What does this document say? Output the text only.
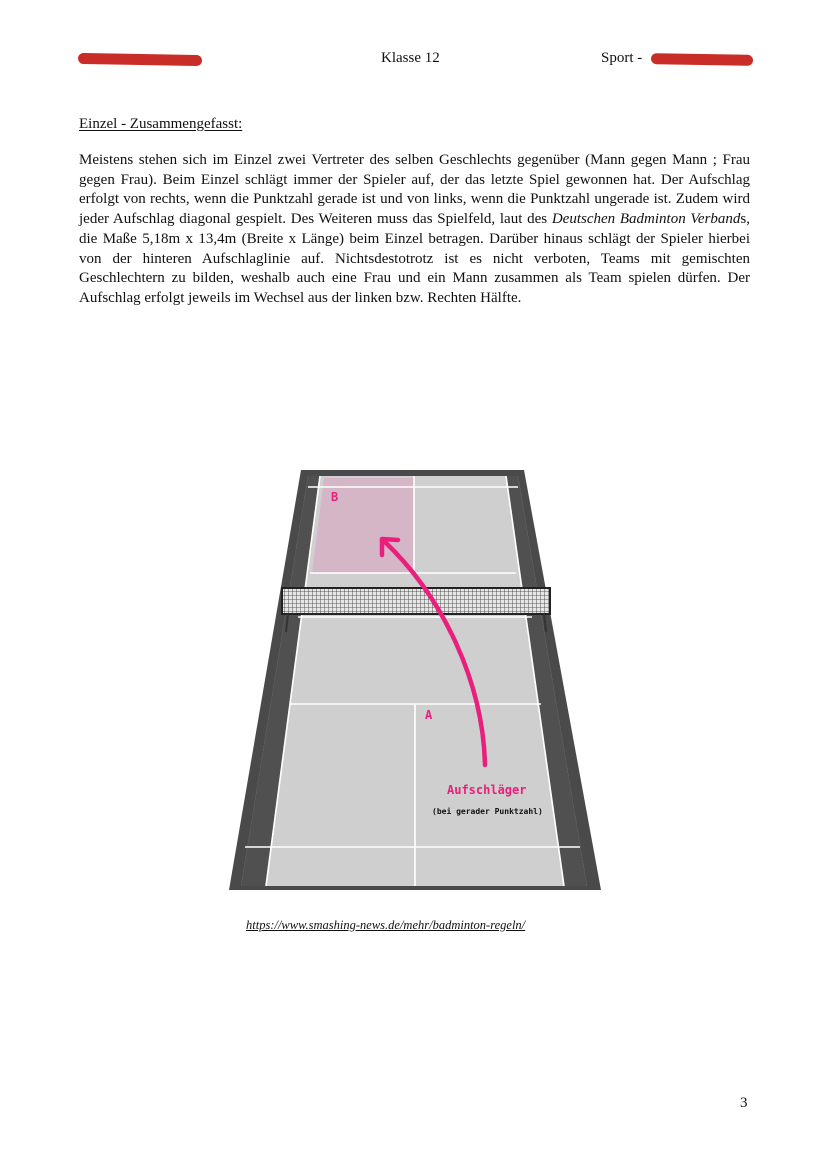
Klasse 12	Sport -
Einzel - Zusammengefasst:

Meistens stehen sich im Einzel zwei Vertreter des selben Geschlechts gegenüber (Mann gegen Mann ; Frau gegen Frau). Beim Einzel schlägt immer der Spieler auf, der das letzte Spiel gewonnen hat. Der Aufschlag erfolgt von rechts, wenn die Punktzahl gerade ist und von links, wenn die Punktzahl ungerade ist. Zudem wird jeder Aufschlag diagonal gespielt. Des Weiteren muss das Spielfeld, laut des Deutschen Badminton Verbands, die Maße 5,18m x 13,4m (Breite x Länge) beim Einzel betragen. Darüber hinaus schlägt der Spieler hierbei von der hinteren Aufschlaglinie auf. Nichtsdestotrotz ist es nicht verboten, Teams mit gemischten Geschlechtern zu bilden, weshalb auch eine Frau und ein Mann zusammen als Team spielen dürfen. Der Aufschlag erfolgt jeweils im Wechsel aus der linken bzw. Rechten Hälfte.

B
A
Aufschläger
(bei gerader Punktzahl)
https://www.smashing-news.de/mehr/badminton-regeln/
3
